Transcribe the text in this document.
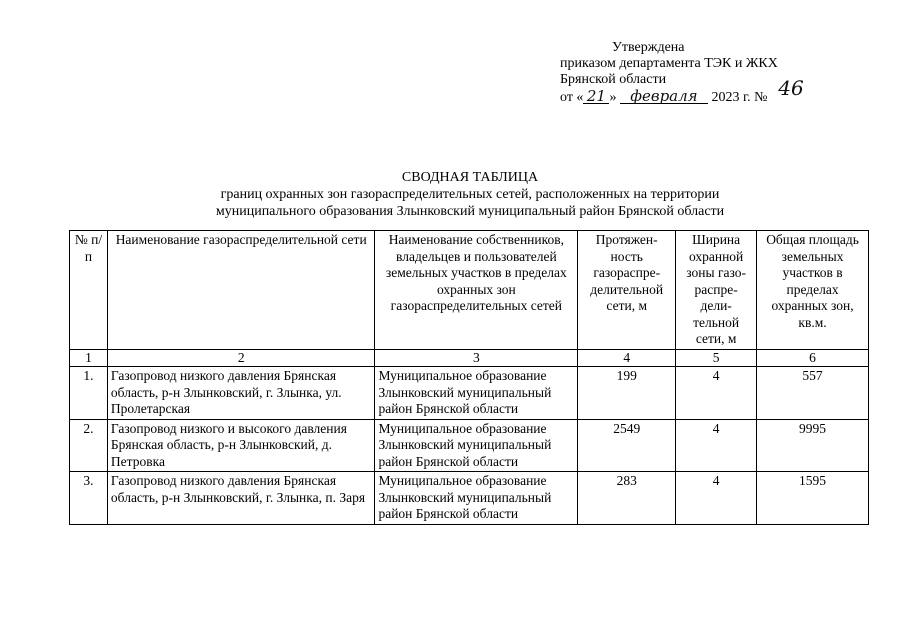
Утверждена
приказом департамента ТЭК и ЖКХ
Брянской области
от « 21 » февраля 2023 г. № 46
СВОДНАЯ ТАБЛИЦА
границ охранных зон газораспределительных сетей, расположенных на территории
муниципального образования Злынковский муниципальный район Брянской области
№ п/п	Наименование газораспределительной сети	Наименование собственников, владельцев и пользователей земельных участков в пределах охранных зон газораспределительных сетей	Протяжен-ность газораспре-делительной сети, м	Ширина охранной зоны газо-распре-дели-тельной сети, м	Общая площадь земельных участков в пределах охранных зон, кв.м.
1	2	3	4	5	6
1.	Газопровод низкого давления Брянская область, р-н Злынковский, г. Злынка, ул. Пролетарская	Муниципальное образование Злынковский муниципальный район Брянской области	199	4	557
2.	Газопровод низкого и высокого давления Брянская область, р-н Злынковский, д. Петровка	Муниципальное образование Злынковский муниципальный район Брянской области	2549	4	9995
3.	Газопровод низкого давления Брянская область, р-н Злынковский, г. Злынка, п. Заря	Муниципальное образование Злынковский муниципальный район Брянской области	283	4	1595
